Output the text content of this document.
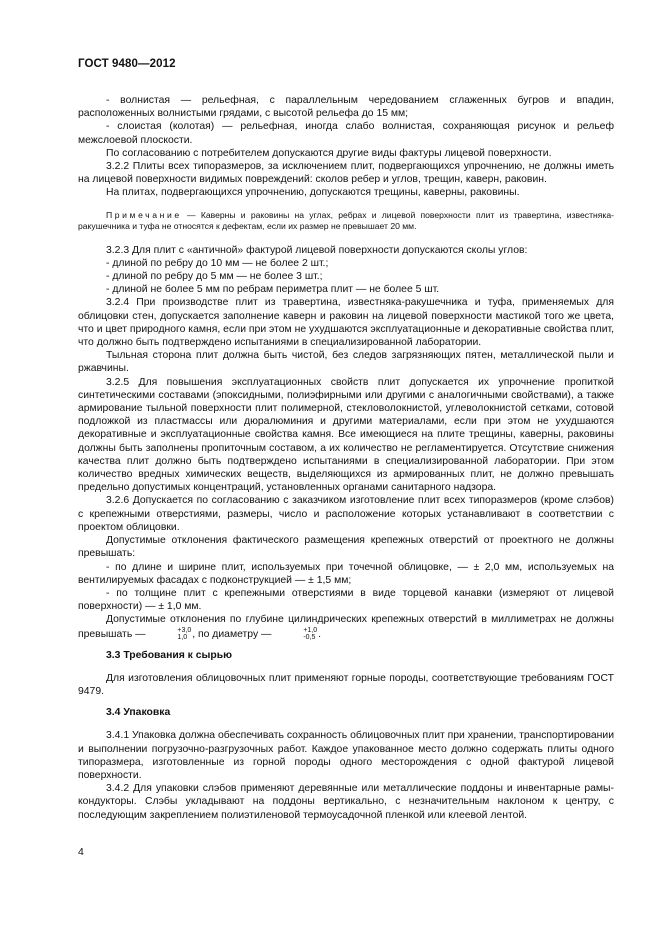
ГОСТ 9480—2012

- волнистая — рельефная, с параллельным чередованием сглаженных бугров и впадин, расположенных волнистыми грядами, с высотой рельефа до 15 мм;

- слоистая (колотая) — рельефная, иногда слабо волнистая, сохраняющая рисунок и рельеф межслоевой плоскости.

По согласованию с потребителем допускаются другие виды фактуры лицевой поверхности.

3.2.2 Плиты всех типоразмеров, за исключением плит, подвергающихся упрочнению, не должны иметь на лицевой поверхности видимых повреждений: сколов ребер и углов, трещин, каверн, раковин.

На плитах, подвергающихся упрочнению, допускаются трещины, каверны, раковины.

Примечание — Каверны и раковины на углах, ребрах и лицевой поверхности плит из травертина, известняка-ракушечника и туфа не относятся к дефектам, если их размер не превышает 20 мм.

3.2.3 Для плит с «античной» фактурой лицевой поверхности допускаются сколы углов:

- длиной по ребру до 10 мм — не более 2 шт.;

- длиной по ребру до 5 мм — не более 3 шт.;

- длиной не более 5 мм по ребрам периметра плит — не более 5 шт.

3.2.4 При производстве плит из травертина, известняка-ракушечника и туфа, применяемых для облицовки стен, допускается заполнение каверн и раковин на лицевой поверхности мастикой того же цвета, что и цвет природного камня, если при этом не ухудшаются эксплуатационные и декоративные свойства плит, что должно быть подтверждено испытаниями в специализированной лаборатории.

Тыльная сторона плит должна быть чистой, без следов загрязняющих пятен, металлической пыли и ржавчины.

3.2.5 Для повышения эксплуатационных свойств плит допускается их упрочнение пропиткой синтетическими составами (эпоксидными, полиэфирными или другими с аналогичными свойствами), а также армирование тыльной поверхности плит полимерной, стекловолокнистой, углеволокнистой сетками, сотовой подложкой из пластмассы или дюралюминия и другими материалами, если при этом не ухудшаются декоративные и эксплуатационные свойства камня. Все имеющиеся на плите трещины, каверны, раковины должны быть заполнены пропиточным составом, а их количество не регламентируется. Отсутствие снижения качества плит должно быть подтверждено испытаниями в специализированной лаборатории. При этом количество вредных химических веществ, выделяющихся из армированных плит, не должно превышать предельно допустимых концентраций, установленных органами санитарного надзора.

3.2.6 Допускается по согласованию с заказчиком изготовление плит всех типоразмеров (кроме слэбов) с крепежными отверстиями, размеры, число и расположение которых устанавливают в соответствии с проектом облицовки.

Допустимые отклонения фактического размещения крепежных отверстий от проектного не должны превышать:

- по длине и ширине плит, используемых при точечной облицовке, — ± 2,0 мм, используемых на вентилируемых фасадах с подконструкцией — ± 1,5 мм;

- по толщине плит с крепежными отверстиями в виде торцевой канавки (измеряют от лицевой поверхности) — ± 1,0 мм.

Допустимые отклонения по глубине цилиндрических крепежных отверстий в миллиметрах не должны превышать —	+3,0
1,0 , по диаметру —	+1,0
-0,5 .

3.3 Требования к сырью

Для изготовления облицовочных плит применяют горные породы, соответствующие требованиям ГОСТ 9479.

3.4 Упаковка

3.4.1 Упаковка должна обеспечивать сохранность облицовочных плит при хранении, транспортировании и выполнении погрузочно-разгрузочных работ. Каждое упакованное место должно содержать плиты одного типоразмера, изготовленные из горной породы одного месторождения с одной фактурой лицевой поверхности.

3.4.2 Для упаковки слэбов применяют деревянные или металлические поддоны и инвентарные рамы-кондукторы. Слэбы укладывают на поддоны вертикально, с незначительным наклоном к центру, с последующим закреплением полиэтиленовой термоусадочной пленкой или клеевой лентой.

4
